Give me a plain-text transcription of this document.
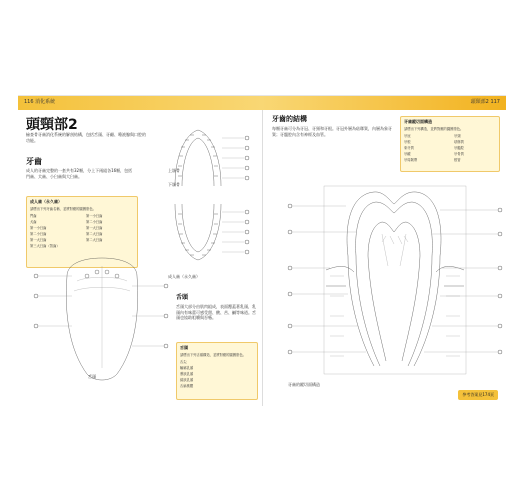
116 消化系統	頭頸部2 117
頭頸部2
檢查骨牙齒消化系統的解剖結構，包括舌頭、牙齦、唾液腺與口腔的功能。
牙齒
成人的牙齒完整的一套共有32顆，分上下兩組各16顆，包括門齒、犬齒、小臼齒與大臼齒。
成人齒（永久齒）
請標出下列牙齒名稱，並將對應的圓圈塗色。
門齒	第一小臼齒
犬齒	第二小臼齒
第一小臼齒	第一大臼齒
第二小臼齒	第二大臼齒
第一大臼齒	第二大臼齒
第三大臼齒（智齒）
上頜骨
下頜骨
成人齒（永久齒）
舌頭
舌頭大部分由肌肉組成，表面覆蓋著乳頭，乳頭內有味蕾可感受甜、酸、苦、鹹等味道。舌頭也協助咀嚼與吞嚥。
舌頭
請標出下列舌頭構造，並將對應的圓圈塗色。
舌尖
輪廓乳頭
蕈狀乳頭
絲狀乳頭
舌扁桃體
舌頭
牙齒的結構
每顆牙齒可分為牙冠、牙頸和牙根。牙冠外層為琺瑯質，內層為象牙質；牙髓腔內含有神經及血管。
牙齒縱切面構造
請標出下列構造，並將對應的圓圈塗色。
牙冠	牙頸
牙根	琺瑯質
象牙質	牙髓腔
牙齦	牙骨質
牙周韌帶	根管
牙齒的縱切面構造
參考答案見174頁
